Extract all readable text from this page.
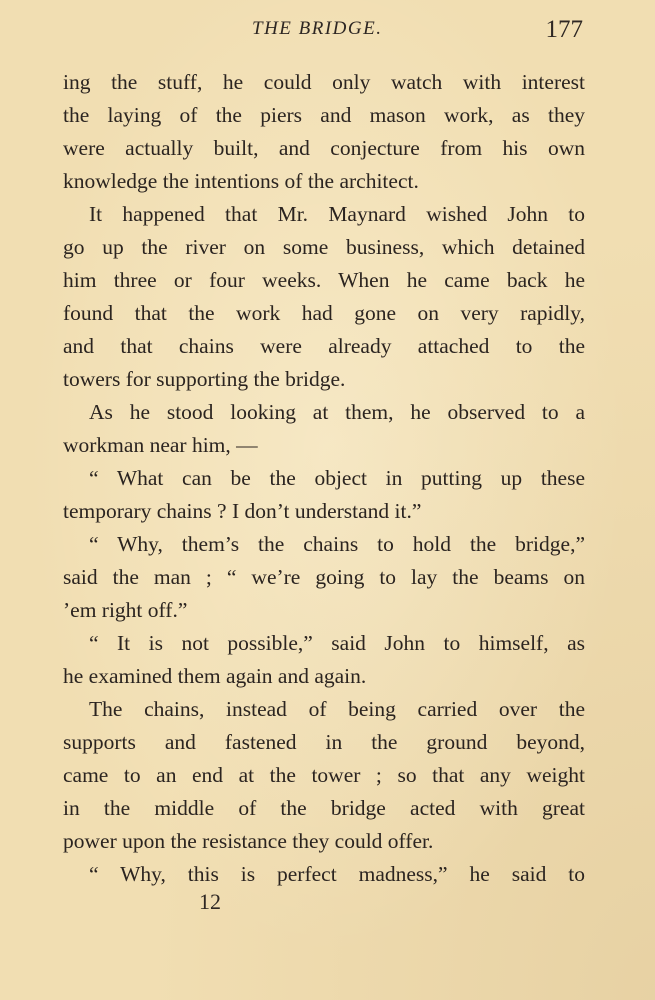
THE BRIDGE.	177
ing the stuff, he could only watch with interest
the laying of the piers and mason work, as they
were actually built, and conjecture from his own
knowledge the intentions of the architect.
It happened that Mr. Maynard wished John to
go up the river on some business, which detained
him three or four weeks. When he came back he
found that the work had gone on very rapidly,
and that chains were already attached to the
towers for supporting the bridge.
As he stood looking at them, he observed to a
workman near him, —
“ What can be the object in putting up these
temporary chains ? I don’t understand it.”
“ Why, them’s the chains to hold the bridge,”
said the man ; “ we’re going to lay the beams on
’em right off.”
“ It is not possible,” said John to himself, as
he examined them again and again.
The chains, instead of being carried over the
supports and fastened in the ground beyond,
came to an end at the tower ; so that any weight
in the middle of the bridge acted with great
power upon the resistance they could offer.
“ Why, this is perfect madness,” he said to
12
